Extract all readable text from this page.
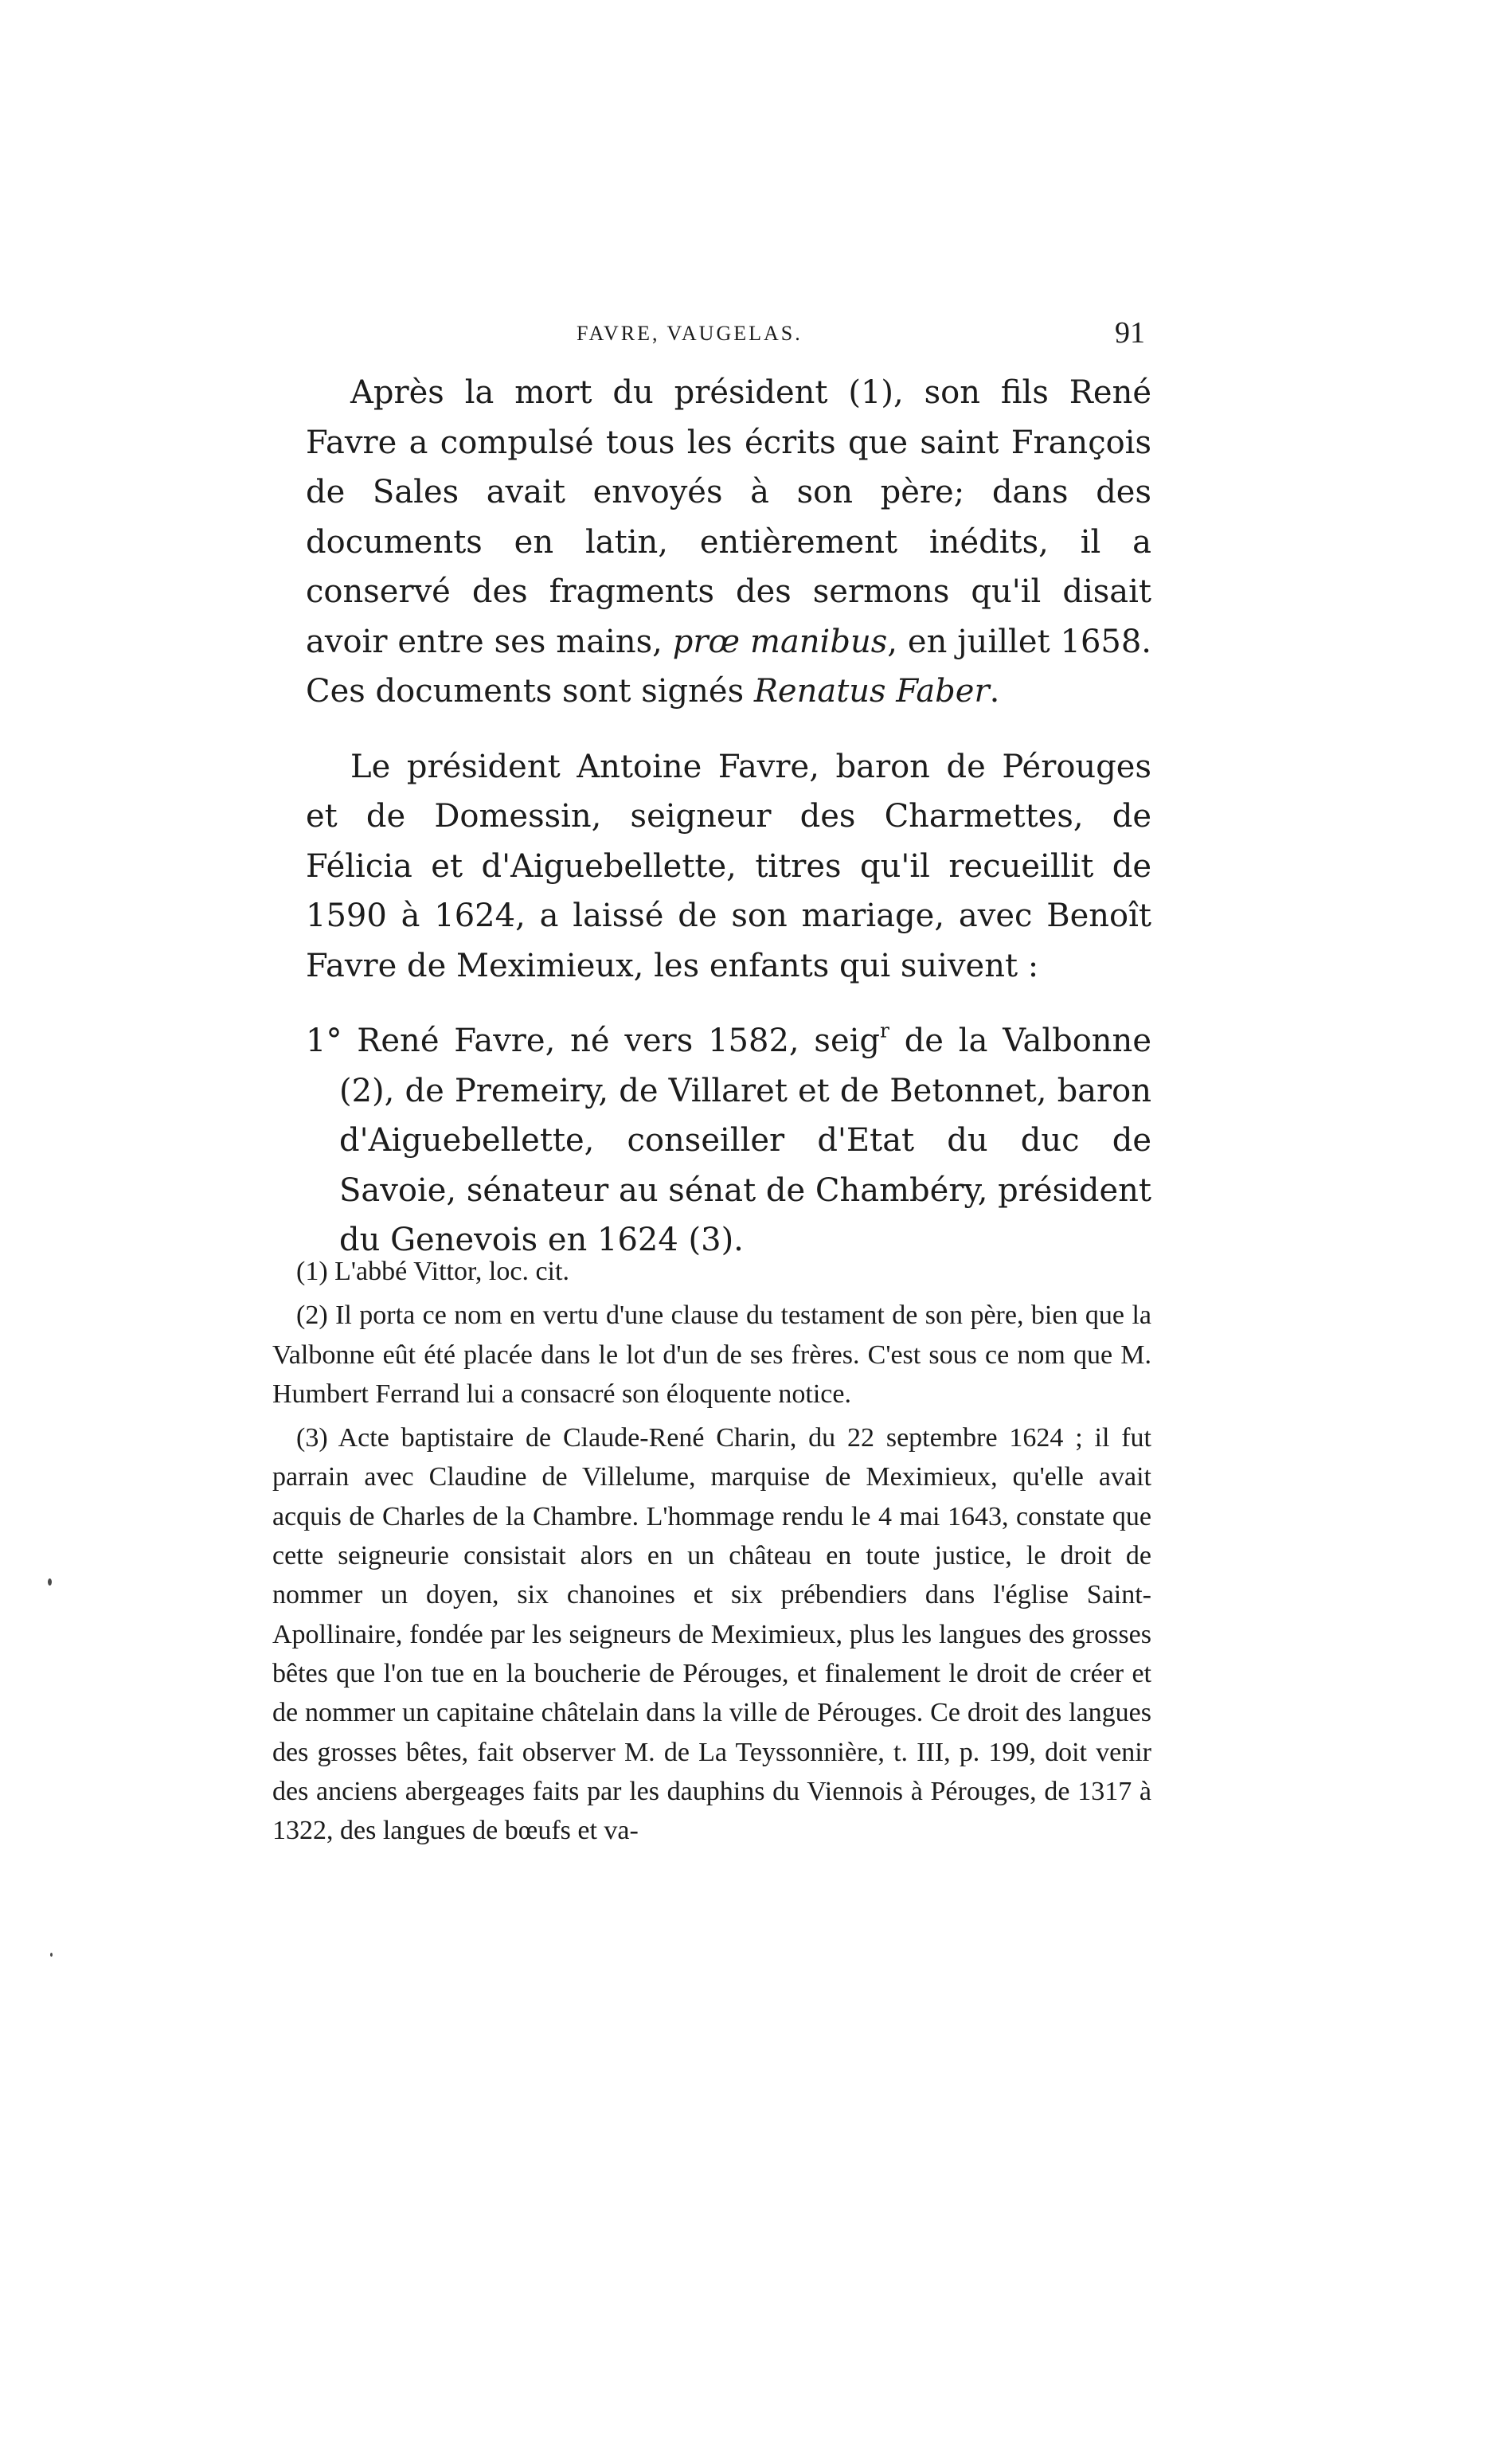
FAVRE, VAUGELAS.	91

Après la mort du président (1), son fils René Favre a compulsé tous les écrits que saint François de Sales avait envoyés à son père; dans des documents en latin, entièrement inédits, il a conservé des fragments des sermons qu'il disait avoir entre ses mains, prœ manibus, en juillet 1658. Ces documents sont signés Renatus Faber.

Le président Antoine Favre, baron de Pérouges et de Domessin, seigneur des Charmettes, de Félicia et d'Aiguebellette, titres qu'il recueillit de 1590 à 1624, a laissé de son mariage, avec Benoît Favre de Meximieux, les enfants qui suivent :

1° René Favre, né vers 1582, seig$^r$ de la Valbonne (2), de Premeiry, de Villaret et de Betonnet, baron d'Aiguebellette, conseiller d'Etat du duc de Savoie, sénateur au sénat de Chambéry, président du Genevois en 1624 (3).

(1) L'abbé Vittor, loc. cit.

(2) Il porta ce nom en vertu d'une clause du testament de son père, bien que la Valbonne eût été placée dans le lot d'un de ses frères. C'est sous ce nom que M. Humbert Ferrand lui a consacré son éloquente notice.

(3) Acte baptistaire de Claude-René Charin, du 22 septembre 1624 ; il fut parrain avec Claudine de Villelume, marquise de Meximieux, qu'elle avait acquis de Charles de la Chambre. L'hommage rendu le 4 mai 1643, constate que cette seigneurie consistait alors en un château en toute justice, le droit de nommer un doyen, six chanoines et six prébendiers dans l'église Saint-Apollinaire, fondée par les seigneurs de Meximieux, plus les langues des grosses bêtes que l'on tue en la boucherie de Pérouges, et finalement le droit de créer et de nommer un capitaine châtelain dans la ville de Pérouges. Ce droit des langues des grosses bêtes, fait observer M. de La Teyssonnière, t. III, p. 199, doit venir des anciens abergeages faits par les dauphins du Viennois à Pérouges, de 1317 à 1322, des langues de bœufs et va-
